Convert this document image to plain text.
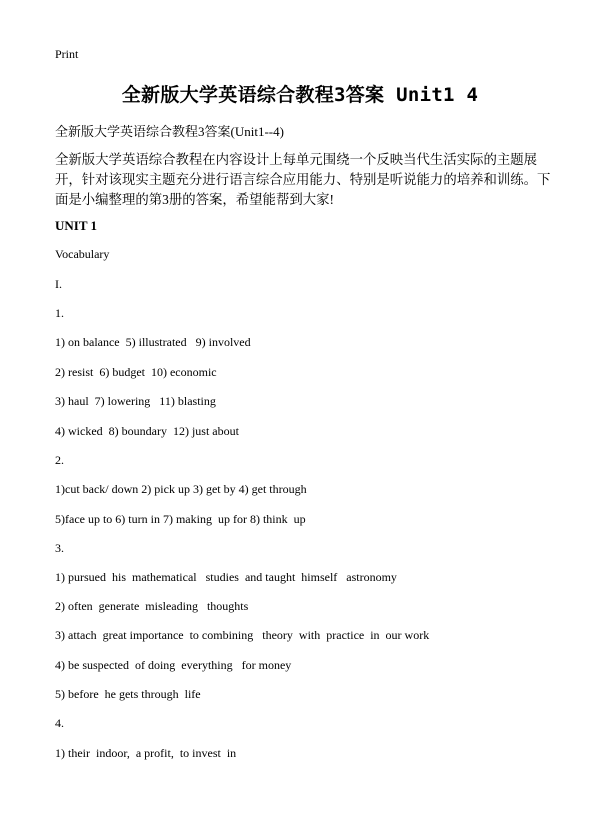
Print
全新版大学英语综合教程3答案 Unit1 4
全新版大学英语综合教程3答案(Unit1--4)

全新版大学英语综合教程在内容设计上每单元围绕一个反映当代生活实际的主题展开，针对该现实主题充分进行语言综合应用能力、特别是听说能力的培养和训练。下面是小编整理的第3册的答案，希望能帮到大家!

UNIT 1
Vocabulary
I.
1.
1) on balance  5) illustrated   9) involved
2) resist  6) budget  10) economic
3) haul  7) lowering   11) blasting
4) wicked  8) boundary  12) just about
2.
1)cut back/ down 2) pick up 3) get by 4) get through
5)face up to 6) turn in 7) making  up for 8) think  up
3.
1) pursued  his  mathematical   studies  and taught  himself   astronomy
2) often  generate  misleading   thoughts
3) attach  great importance  to combining   theory  with  practice  in  our work
4) be suspected  of doing  everything   for money
5) before  he gets through  life
4.
1) their  indoor,  a profit,  to invest  in
